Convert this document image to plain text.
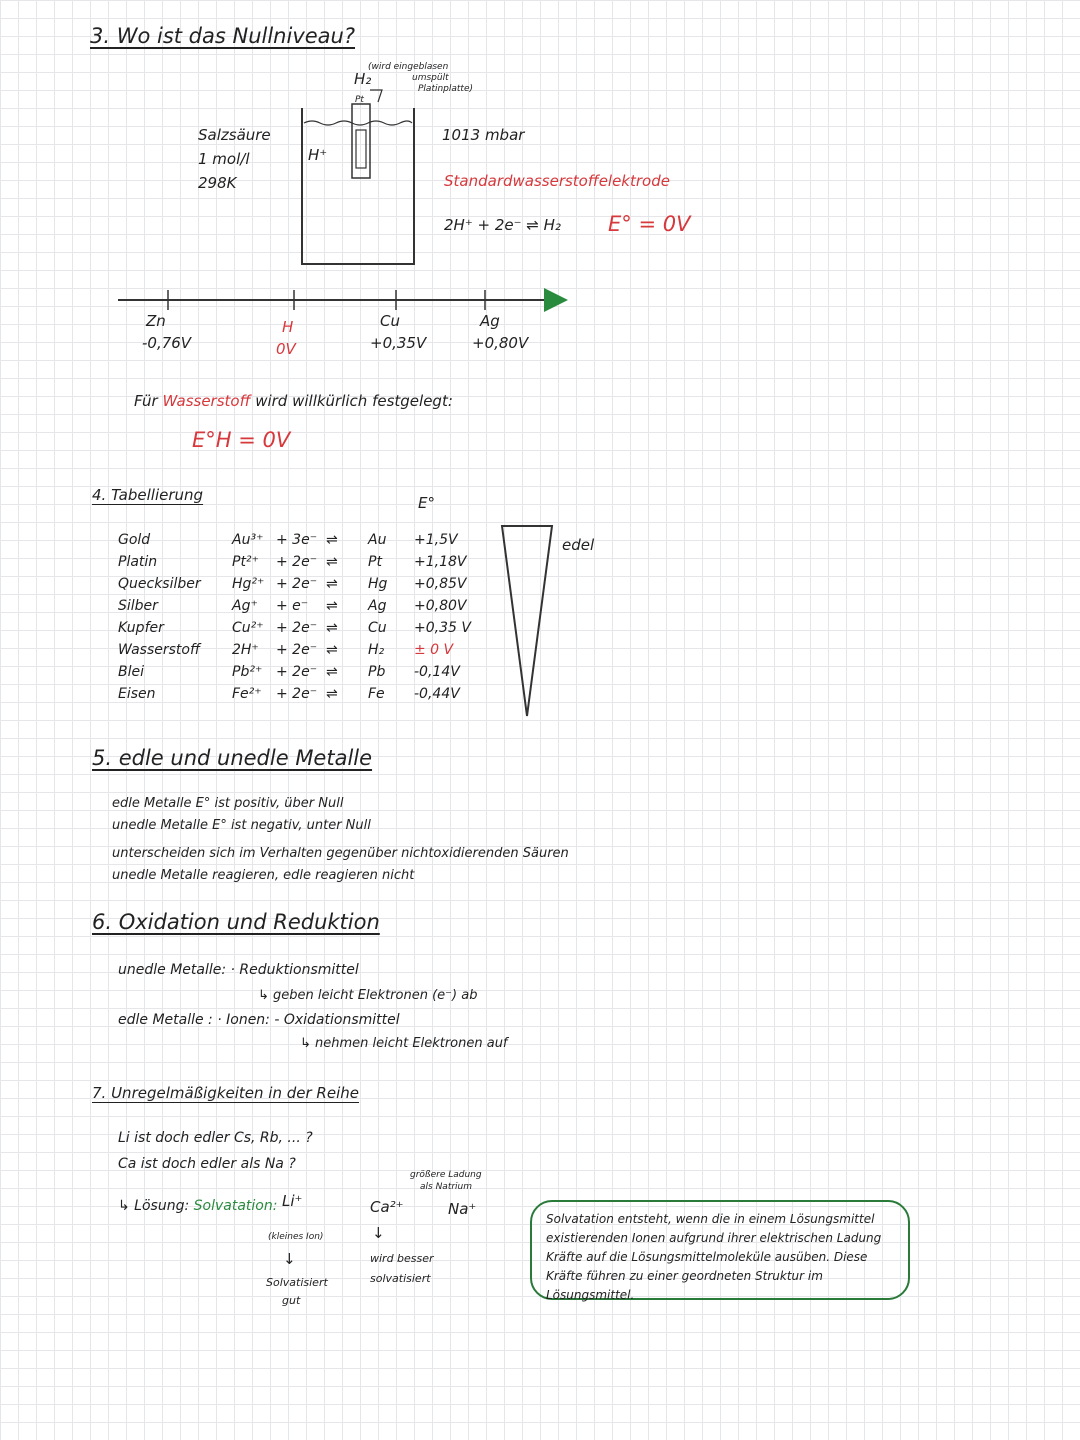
3. Wo ist das Nullniveau?
Salzsäure
1 mol/l
298K
H⁺
H₂
Pt
(wird eingeblasen
umspült
Platinplatte)
1013 mbar
Standardwasserstoffelektrode
2H⁺ + 2e⁻ ⇌ H₂ E° = 0V
Zn
-0,76V
H
0V
Cu
+0,35V
Ag
+0,80V
Für Wasserstoff wird willkürlich festgelegt:
E°H = 0V
4. Tabellierung	E°
Gold	Au³⁺ + 3e⁻ ⇌ Au +1,5V
Platin	Pt²⁺ + 2e⁻ ⇌ Pt +1,18V
Quecksilber Hg²⁺ + 2e⁻ ⇌ Hg +0,85V
Silber	Ag⁺ + e⁻ ⇌ Ag +0,80V
Kupfer	Cu²⁺ + 2e⁻ ⇌ Cu +0,35 V
Wasserstoff 2H⁺ + 2e⁻ ⇌ H₂ ± 0 V
Blei	Pb²⁺ + 2e⁻ ⇌ Pb -0,14V
Eisen	Fe²⁺ + 2e⁻ ⇌ Fe -0,44V
edel
5. edle und unedle Metalle
edle Metalle E° ist positiv, über Null
unedle Metalle E° ist negativ, unter Null
unterscheiden sich im Verhalten gegenüber nichtoxidierenden Säuren
unedle Metalle reagieren, edle reagieren nicht
6. Oxidation und Reduktion
unedle Metalle: · Reduktionsmittel
↳ geben leicht Elektronen (e⁻) ab
edle Metalle : · Ionen: - Oxidationsmittel
↳ nehmen leicht Elektronen auf
7. Unregelmäßigkeiten in der Reihe
Li ist doch edler Cs, Rb, ... ?
Ca ist doch edler als Na ?
↳ Lösung: Solvatation: Li⁺
(kleines Ion)
↓
Solvatisiert
gut
Ca²⁺
↓
wird besser
solvatisiert
größere Ladung
als Natrium
Na⁺
Solvatation entsteht, wenn die in einem Lösungsmittel existierenden Ionen aufgrund ihrer elektrischen Ladung Kräfte auf die Lösungsmittelmoleküle ausüben. Diese Kräfte führen zu einer geordneten Struktur im Lösungsmittel.
